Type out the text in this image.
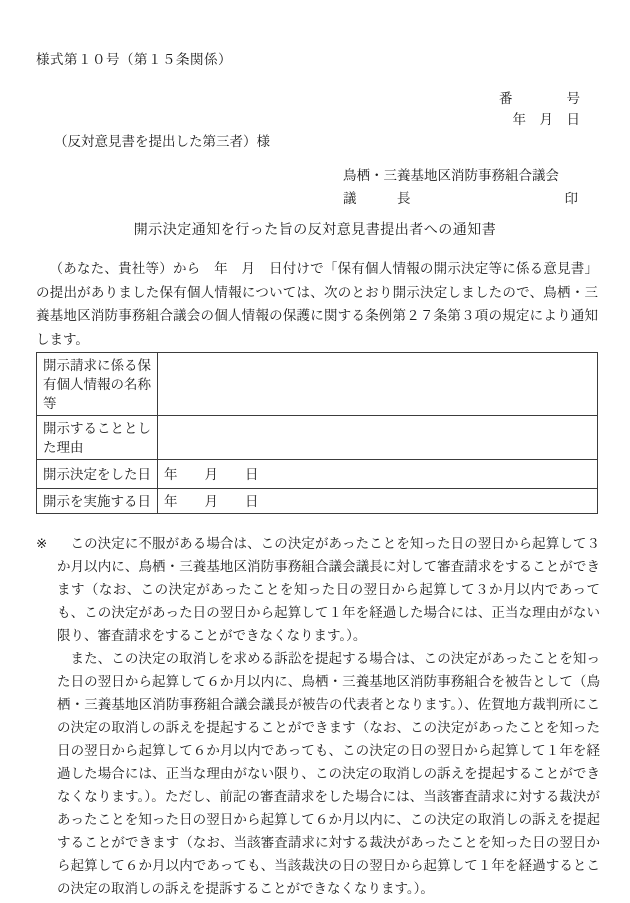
様式第１０号（第１５条関係）
番　　　　号
年　月　日
（反対意見書を提出した第三者）様
鳥栖・三養基地区消防事務組合議会
議　　　長	印
開示決定通知を行った旨の反対意見書提出者への通知書
（あなた、貴社等）から　年　月　日付けで「保有個人情報の開示決定等に係る意見書」の提出がありました保有個人情報については、次のとおり開示決定しましたので、鳥栖・三養基地区消防事務組合議会の個人情報の保護に関する条例第２７条第３項の規定により通知します。
開示請求に係る保有個人情報の名称等	
開示することとした理由	
開示決定をした日	年　　月　　日
開示を実施する日	年　　月　　日

※ この決定に不服がある場合は、この決定があったことを知った日の翌日から起算して３か月以内に、鳥栖・三養基地区消防事務組合議会議長に対して審査請求をすることができます（なお、この決定があったことを知った日の翌日から起算して３か月以内であっても、この決定があった日の翌日から起算して１年を経過した場合には、正当な理由がない限り、審査請求をすることができなくなります。）。

また、この決定の取消しを求める訴訟を提起する場合は、この決定があったことを知った日の翌日から起算して６か月以内に、鳥栖・三養基地区消防事務組合を被告として（鳥栖・三養基地区消防事務組合議会議長が被告の代表者となります。）、佐賀地方裁判所にこの決定の取消しの訴えを提起することができます（なお、この決定があったことを知った日の翌日から起算して６か月以内であっても、この決定の日の翌日から起算して１年を経過した場合には、正当な理由がない限り、この決定の取消しの訴えを提起することができなくなります。）。ただし、前記の審査請求をした場合には、当該審査請求に対する裁決があったことを知った日の翌日から起算して６か月以内に、この決定の取消しの訴えを提起することができます（なお、当該審査請求に対する裁決があったことを知った日の翌日から起算して６か月以内であっても、当該裁決の日の翌日から起算して１年を経過するとこの決定の取消しの訴えを提訴することができなくなります。）。
